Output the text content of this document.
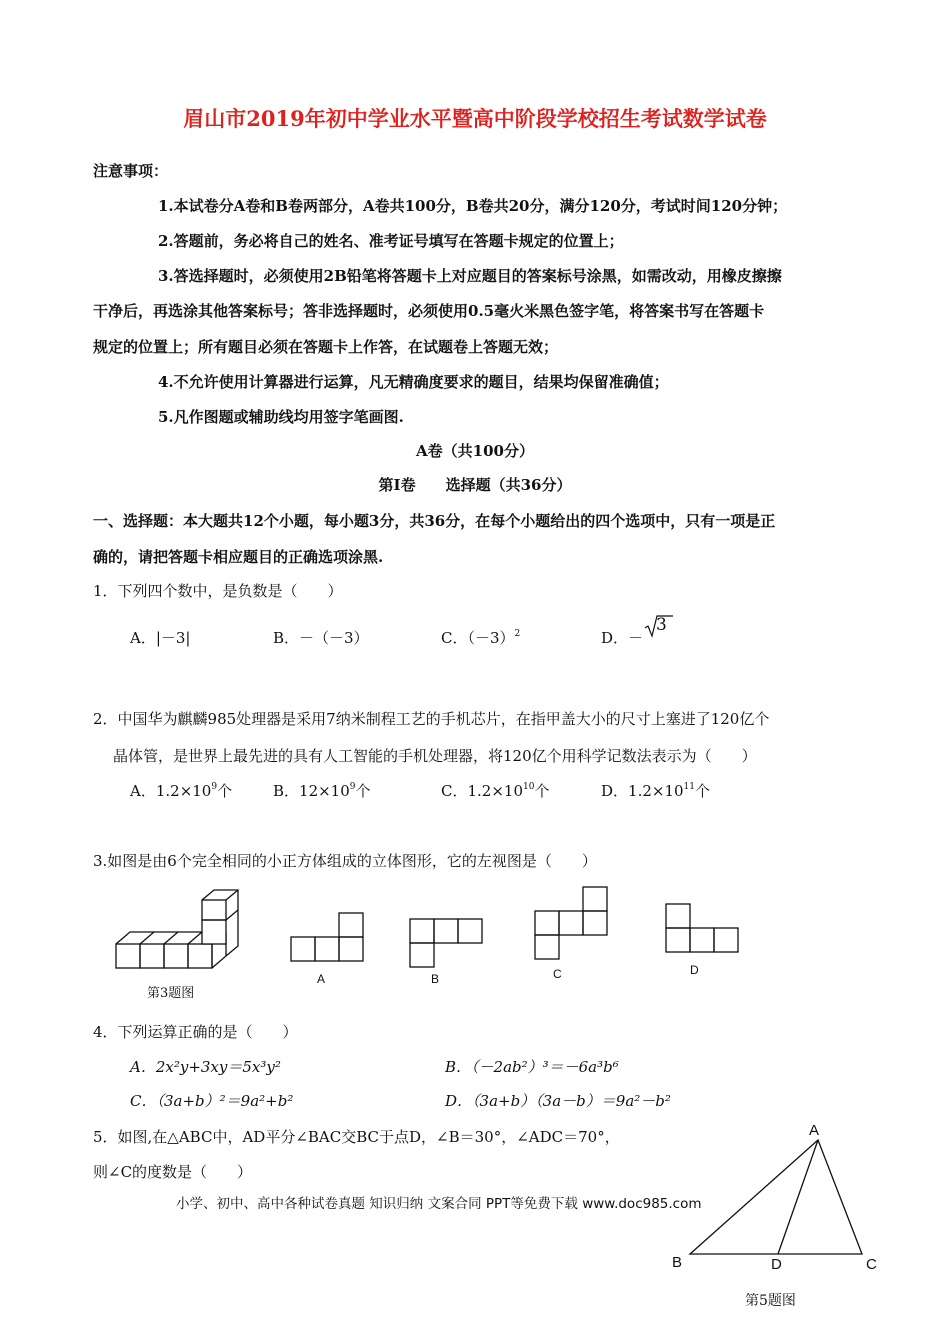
眉山市2019年初中学业水平暨高中阶段学校招生考试数学试卷
注意事项：
1.本试卷分A卷和B卷两部分，A卷共100分，B卷共20分，满分120分，考试时间120分钟；
2.答题前，务必将自己的姓名、准考证号填写在答题卡规定的位置上；
3.答选择题时，必须使用2B铅笔将答题卡上对应题目的答案标号涂黑，如需改动，用橡皮擦擦
干净后，再选涂其他答案标号；答非选择题时，必须使用0.5毫火米黑色签字笔，将答案书写在答题卡
规定的位置上；所有题目必须在答题卡上作答，在试题卷上答题无效；
4.不允许使用计算器进行运算，凡无精确度要求的题目，结果均保留准确值；
5.凡作图题或辅助线均用签字笔画图.
A卷（共100分）
第Ⅰ卷　　选择题（共36分）
一、选择题：本大题共12个小题，每小题3分，共36分，在每个小题给出的四个选项中，只有一项是正
确的，请把答题卡相应题目的正确选项涂黑.
1．下列四个数中，是负数是（　　）
A．|－3|	B．－（－3）	C．$(-3)^2$	D．－
3
2．中国华为麒麟985处理器是采用7纳米制程工艺的手机芯片，在指甲盖大小的尺寸上塞进了120亿个
晶体管，是世界上最先进的具有人工智能的手机处理器，将120亿个用科学记数法表示为（　　）
A．$1.2\times 10^9$个	B．$12\times 10^9$个	C．$1.2\times 10^{10}$个	D．$1.2\times 10^{11}$个
3.如图是由6个完全相同的小正方体组成的立体图形，它的左视图是（　　）
第3题图
A	B	C	D
4．下列运算正确的是（　　）
A．2x²y+3xy＝5x³y²	B．（－2ab²）³＝－6a³b⁶
C．（3a+b）²＝9a²+b²	D．（3a+b）（3a－b）＝9a²－b²
5．如图,在△ABC中，AD平分∠BAC交BC于点D，∠B＝30°，∠ADC＝70°，
则∠C的度数是（　　）
小学、初中、高中各种试卷真题 知识归纳 文案合同 PPT等免费下载 www.doc985.com
A
B	D	C
第5题图
